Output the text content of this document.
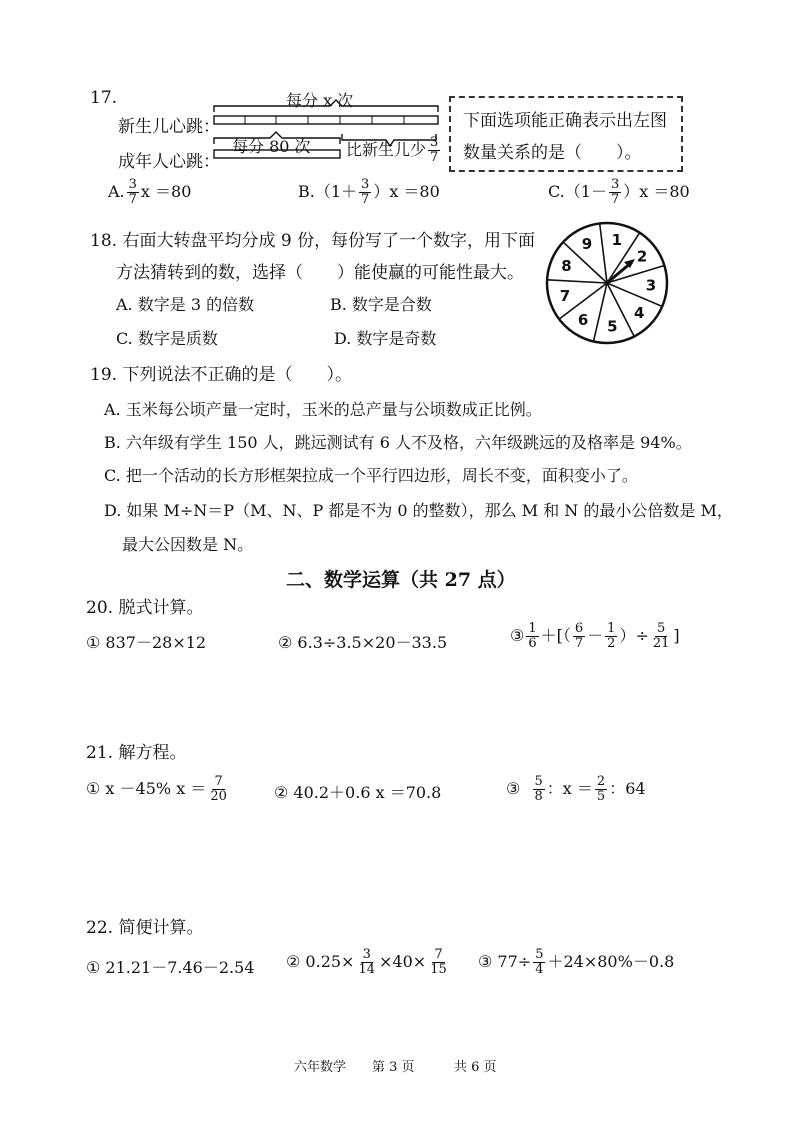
17.
新生儿心跳：
成年人心跳：
每分 x 次
每分 80 次 比新生儿少 $\frac{3}{7}$
下面选项能正确表示出左图
数量关系的是（　　）。
A. $\frac{3}{7}$ x ＝80	$B.(1+ \frac{3}{7} )x =80$	$C.(1- \frac{3}{7} )x =80$
18. 右面大转盘平均分成 9 份，每份写了一个数字，用下面
方法猜转到的数，选择（　　）能使赢的可能性最大。
A. 数字是 3 的倍数	B. 数字是合数
C. 数字是质数	D. 数字是奇数
1
2
3
4
5
6
7
8
9
19. 下列说法不正确的是（　　）。
A. 玉米每公顷产量一定时，玉米的总产量与公顷数成正比例。
B. 六年级有学生 150 人，跳远测试有 6 人不及格，六年级跳远的及格率是 94%。
C. 把一个活动的长方形框架拉成一个平行四边形，周长不变，面积变小了。
D. 如果 M÷N＝P（M、N、P 都是不为 0 的整数），那么 M 和 N 的最小公倍数是 M，
最大公因数是 N。
二、数学运算（共 27 点）
20. 脱式计算。
① 837－28×12	② 6.3÷3.5×20－33.5	③ $\frac{1}{6}$ ＋[（ $\frac{6}{7} - \frac{1}{2}$ ）÷ $\frac{5}{21}$ ]
21. 解方程。
① x －45% $x = \frac{7}{20}$	② 40.2＋0.6 x ＝70.8	③ $\frac{5}{8}$ ：$x = \frac{2}{5}$ ：64
22. 简便计算。
① 21.21－7.46－2.54 ② $0.25\times \frac{3}{14} \times 40\times \frac{7}{15}$ ③ $77\div \frac{5}{4} +24\times 80\%-0.8$
六年数学 第 3 页	共 6 页
